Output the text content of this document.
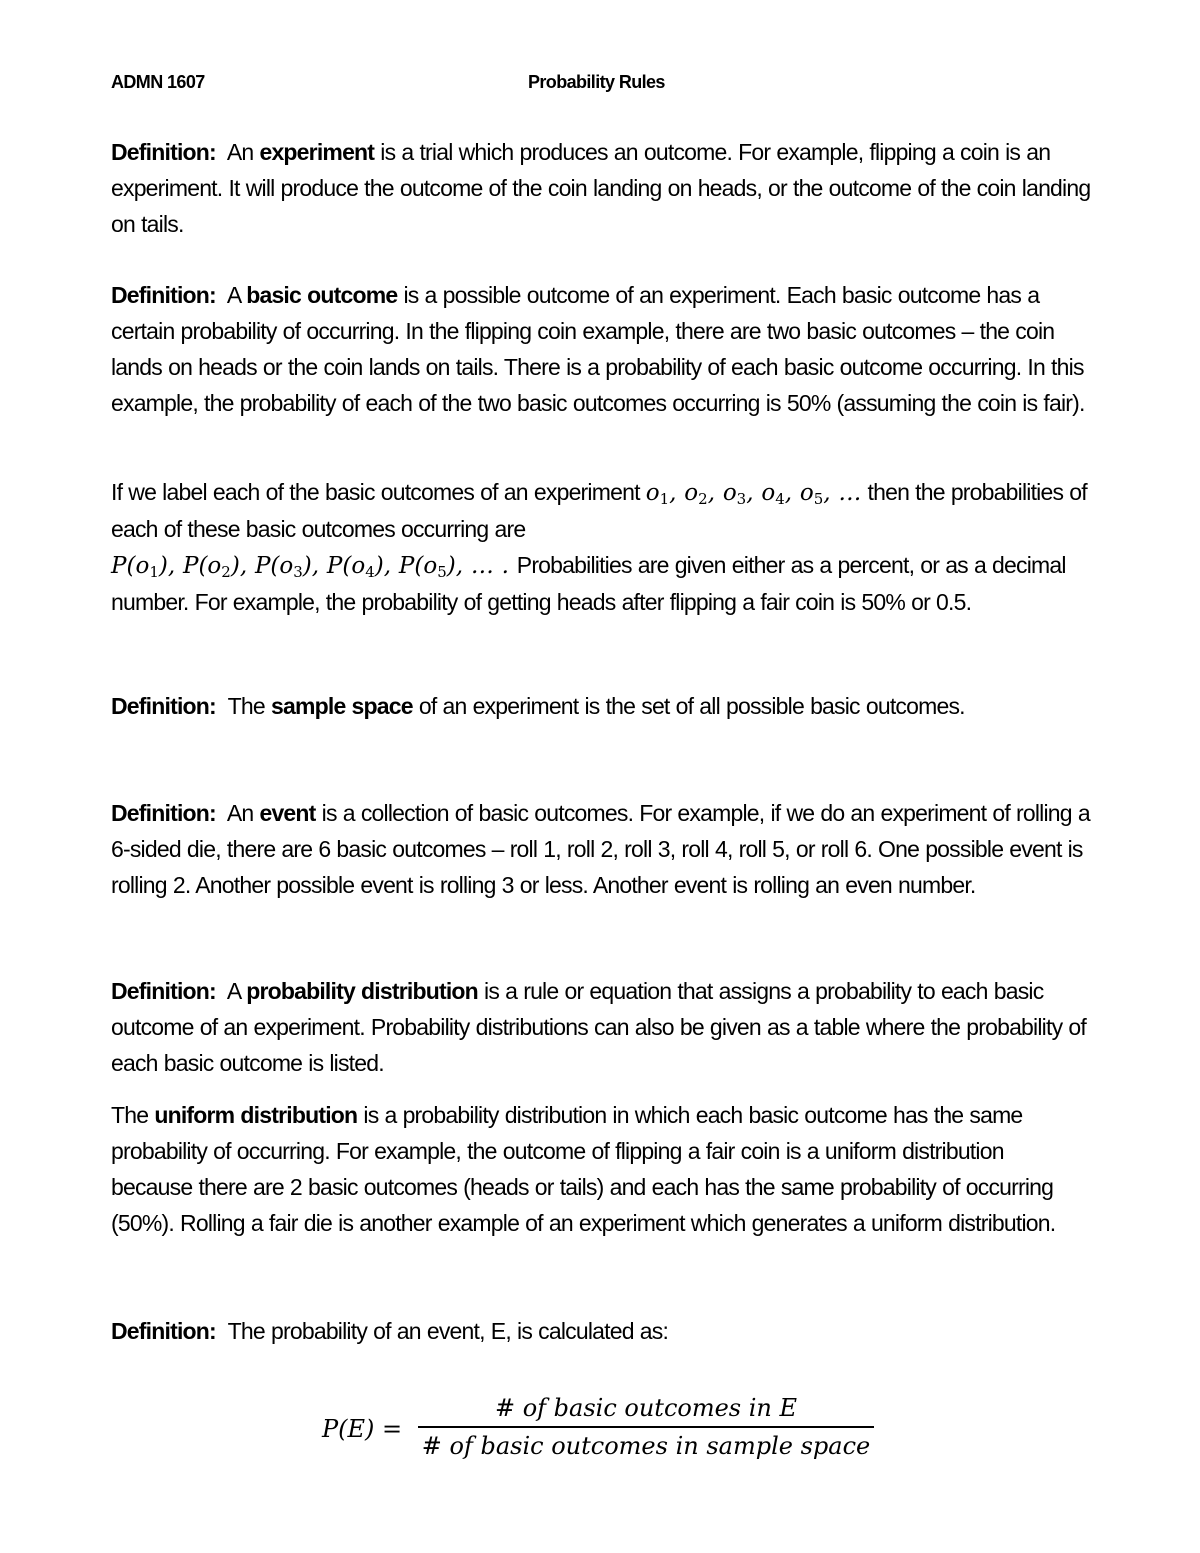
ADMN 1607	Probability Rules
Definition: An experiment is a trial which produces an outcome. For example, flipping a coin is an experiment. It will produce the outcome of the coin landing on heads, or the outcome of the coin landing on tails.
Definition: A basic outcome is a possible outcome of an experiment. Each basic outcome has a certain probability of occurring. In the flipping coin example, there are two basic outcomes – the coin lands on heads or the coin lands on tails. There is a probability of each basic outcome occurring. In this example, the probability of each of the two basic outcomes occurring is 50% (assuming the coin is fair).
If we label each of the basic outcomes of an experiment $o_1$, $o_2$, $o_3$, $o_4$, $o_5$, … then the probabilities of each of these basic outcomes occurring are
$P(o_1)$, $P(o_2)$, $P(o_3)$, $P(o_4)$, $P(o_5)$, … . Probabilities are given either as a percent, or as a decimal number. For example, the probability of getting heads after flipping a fair coin is 50% or 0.5.
Definition: The sample space of an experiment is the set of all possible basic outcomes.
Definition: An event is a collection of basic outcomes. For example, if we do an experiment of rolling a 6-sided die, there are 6 basic outcomes – roll 1, roll 2, roll 3, roll 4, roll 5, or roll 6. One possible event is rolling 2. Another possible event is rolling 3 or less. Another event is rolling an even number.
Definition: A probability distribution is a rule or equation that assigns a probability to each basic outcome of an experiment. Probability distributions can also be given as a table where the probability of each basic outcome is listed.
The uniform distribution is a probability distribution in which each basic outcome has the same probability of occurring. For example, the outcome of flipping a fair coin is a uniform distribution because there are 2 basic outcomes (heads or tails) and each has the same probability of occurring (50%). Rolling a fair die is another example of an experiment which generates a uniform distribution.
Definition: The probability of an event, E, is calculated as:
P(E) =
# of basic outcomes in E
# of basic outcomes in sample space
